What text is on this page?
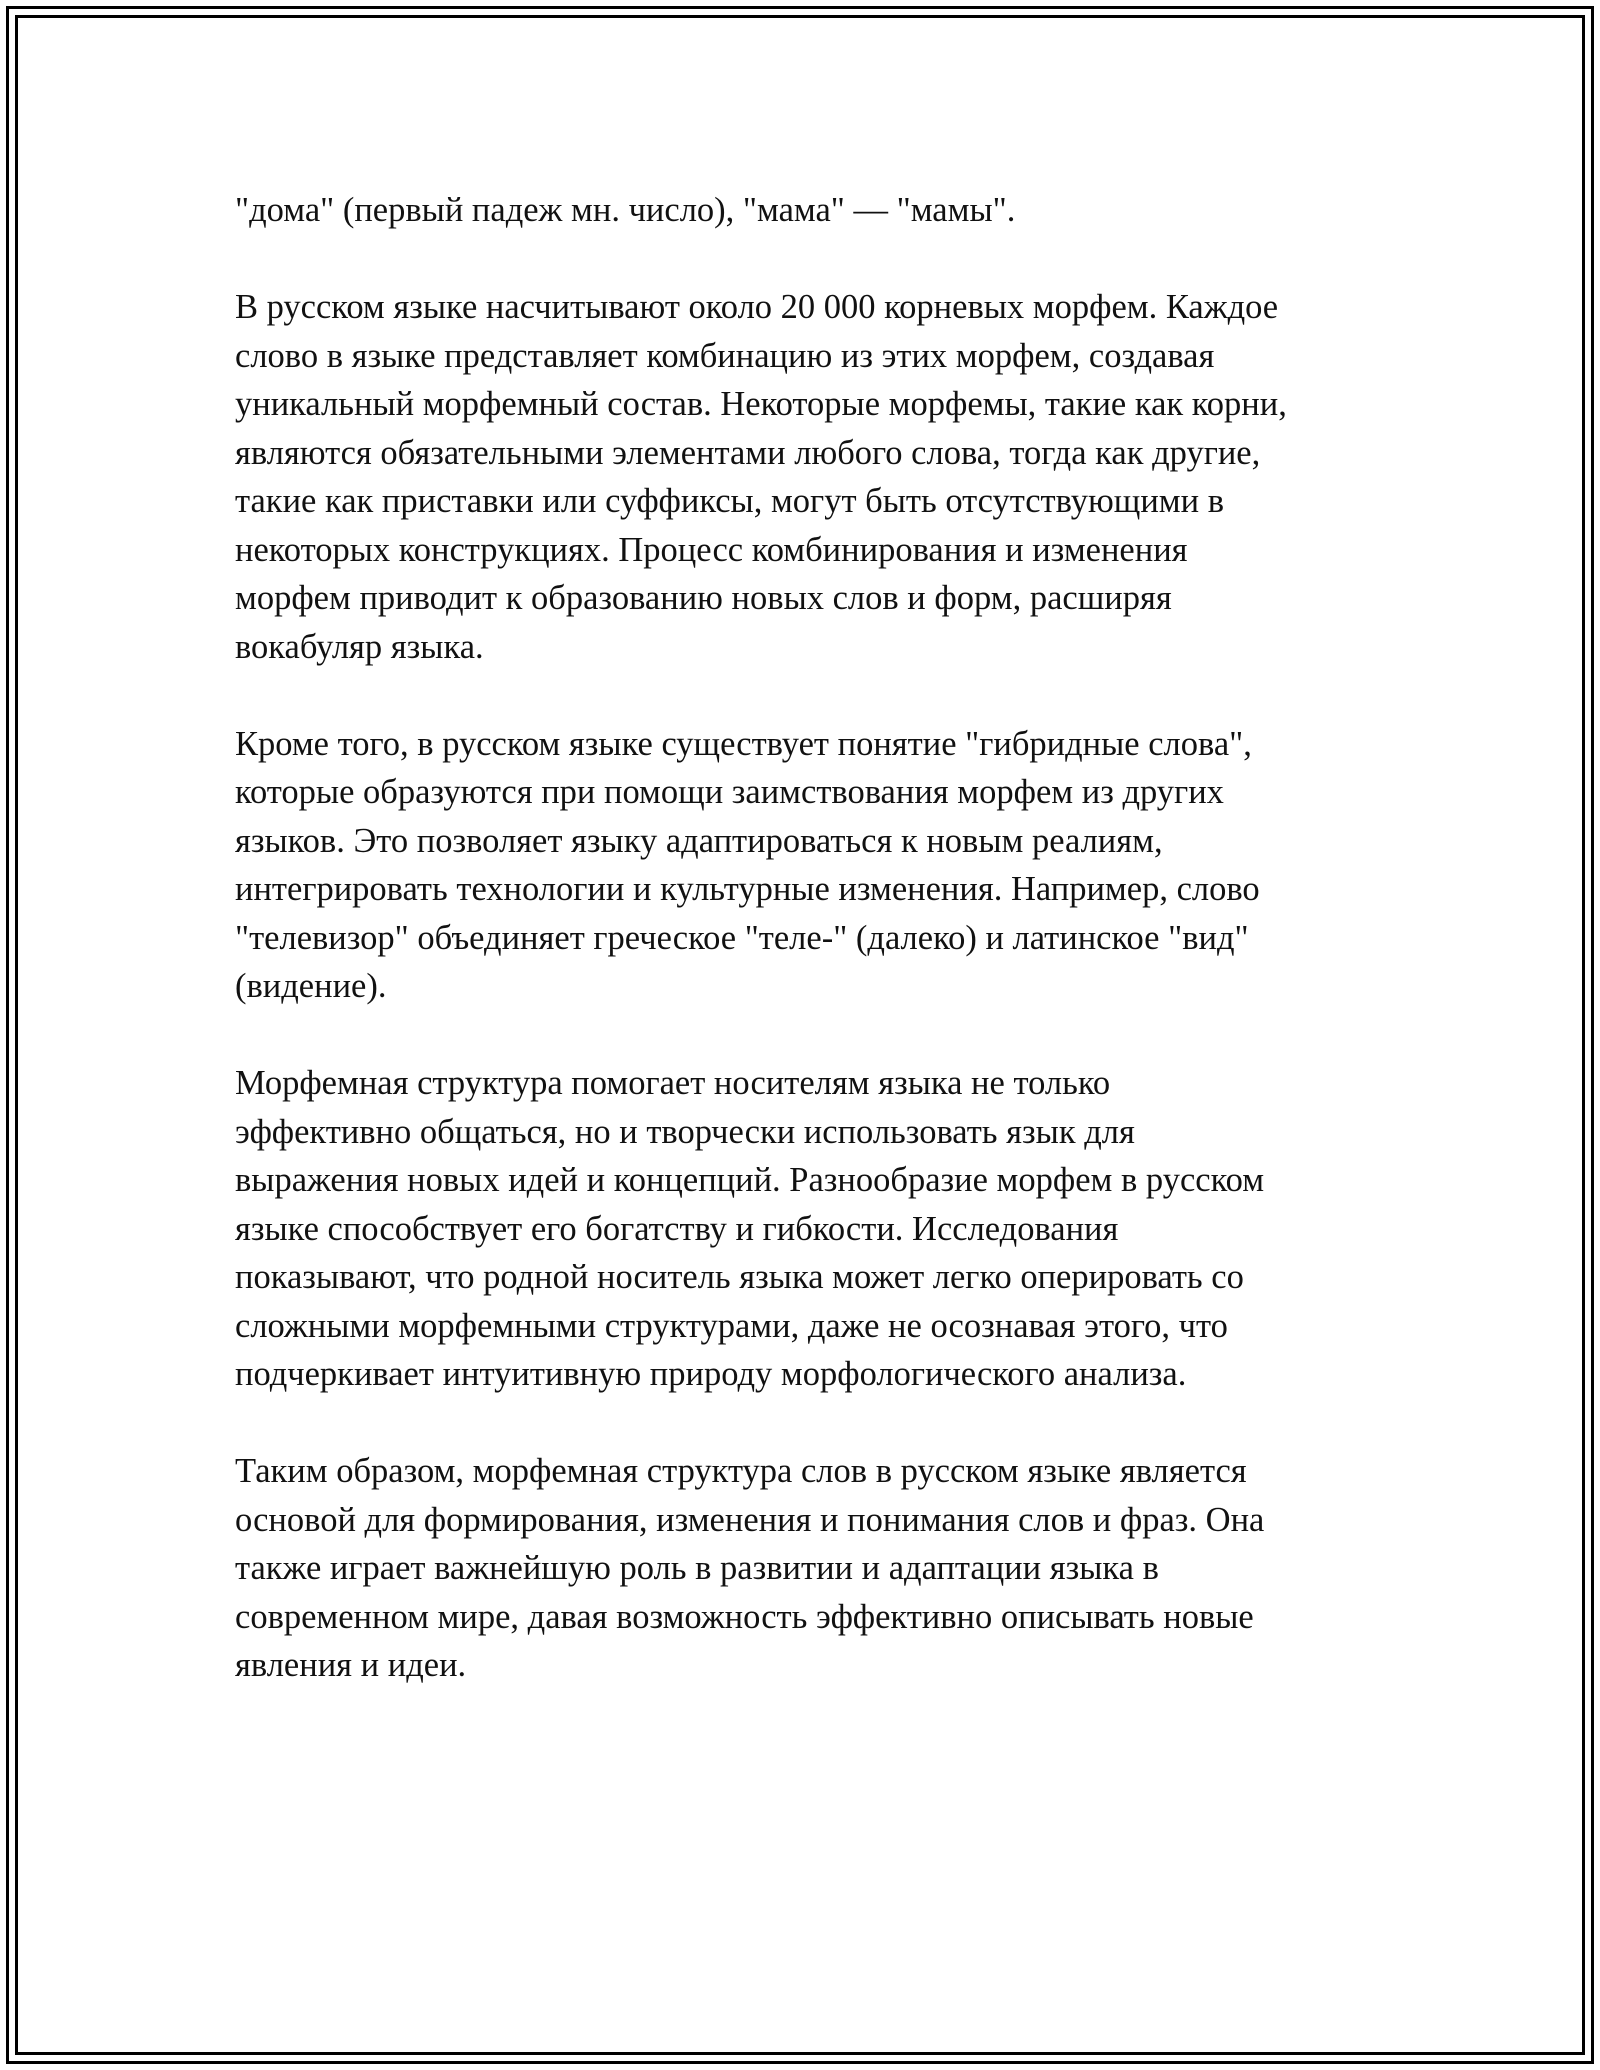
"дома" (первый падеж мн. число), "мама" — "мамы".

В русском языке насчитывают около 20 000 корневых морфем. Каждое
слово в языке представляет комбинацию из этих морфем, создавая
уникальный морфемный состав. Некоторые морфемы, такие как корни,
являются обязательными элементами любого слова, тогда как другие,
такие как приставки или суффиксы, могут быть отсутствующими в
некоторых конструкциях. Процесс комбинирования и изменения
морфем приводит к образованию новых слов и форм, расширяя
вокабуляр языка.

Кроме того, в русском языке существует понятие "гибридные слова",
которые образуются при помощи заимствования морфем из других
языков. Это позволяет языку адаптироваться к новым реалиям,
интегрировать технологии и культурные изменения. Например, слово
"телевизор" объединяет греческое "теле-" (далеко) и латинское "вид"
(видение).

Морфемная структура помогает носителям языка не только
эффективно общаться, но и творчески использовать язык для
выражения новых идей и концепций. Разнообразие морфем в русском
языке способствует его богатству и гибкости. Исследования
показывают, что родной носитель языка может легко оперировать со
сложными морфемными структурами, даже не осознавая этого, что
подчеркивает интуитивную природу морфологического анализа.

Таким образом, морфемная структура слов в русском языке является
основой для формирования, изменения и понимания слов и фраз. Она
также играет важнейшую роль в развитии и адаптации языка в
современном мире, давая возможность эффективно описывать новые
явления и идеи.
